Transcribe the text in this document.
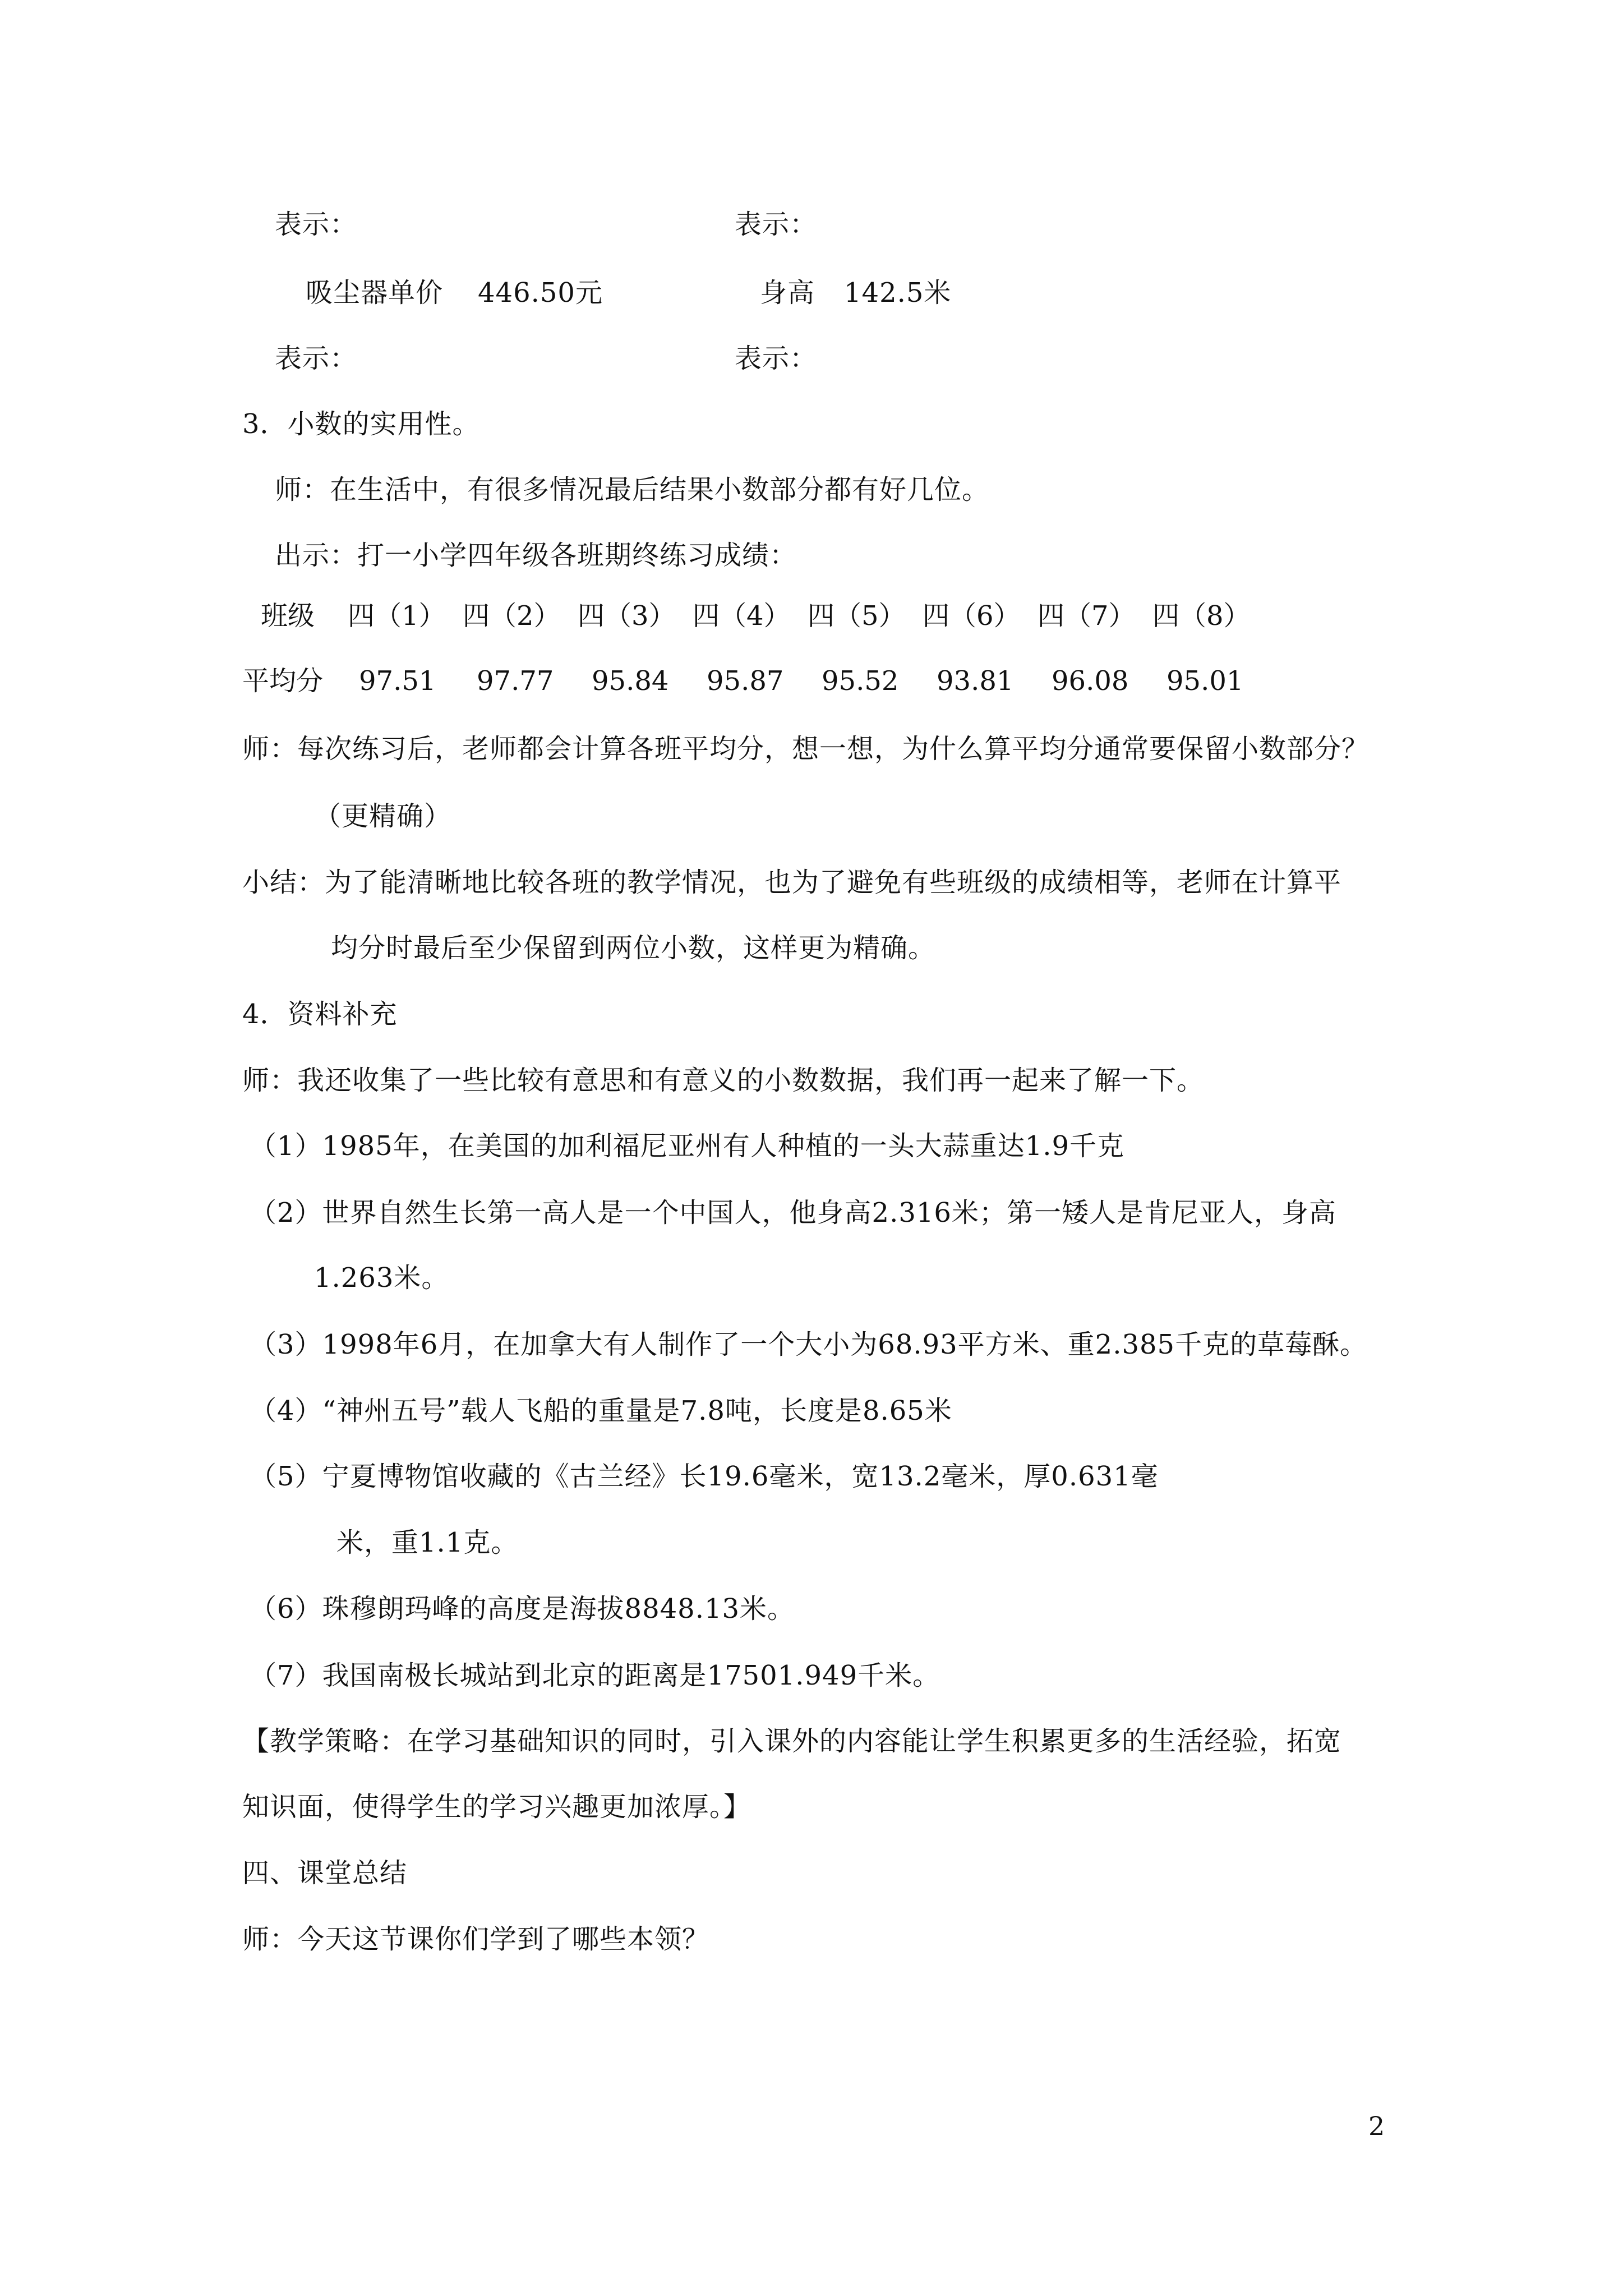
表示：	表示：
吸尘器单价 446.50元	身高 142.5米
表示：	表示：
3．小数的实用性。
师：在生活中，有很多情况最后结果小数部分都有好几位。
出示：打一小学四年级各班期终练习成绩：
班级 四（1） 四（2） 四（3） 四（4） 四（5） 四（6） 四（7） 四（8）
平均分 97.51 97.77 95.84 95.87 95.52 93.81 96.08 95.01
师：每次练习后，老师都会计算各班平均分，想一想，为什么算平均分通常要保留小数部分？
（更精确）
小结：为了能清晰地比较各班的教学情况，也为了避免有些班级的成绩相等，老师在计算平
均分时最后至少保留到两位小数，这样更为精确。
4．资料补充
师：我还收集了一些比较有意思和有意义的小数数据，我们再一起来了解一下。
（1）1985年，在美国的加利福尼亚州有人种植的一头大蒜重达1.9千克
（2）世界自然生长第一高人是一个中国人，他身高2.316米；第一矮人是肯尼亚人，身高
1.263米。
（3）1998年6月，在加拿大有人制作了一个大小为68.93平方米、重2.385千克的草莓酥。
（4）“神州五号”载人飞船的重量是7.8吨，长度是8.65米
（5）宁夏博物馆收藏的《古兰经》长19.6毫米，宽13.2毫米，厚0.631毫
米，重1.1克。
（6）珠穆朗玛峰的高度是海拔8848.13米。
（7）我国南极长城站到北京的距离是17501.949千米。
【教学策略：在学习基础知识的同时，引入课外的内容能让学生积累更多的生活经验，拓宽
知识面，使得学生的学习兴趣更加浓厚。】
四、课堂总结
师：今天这节课你们学到了哪些本领？
2
